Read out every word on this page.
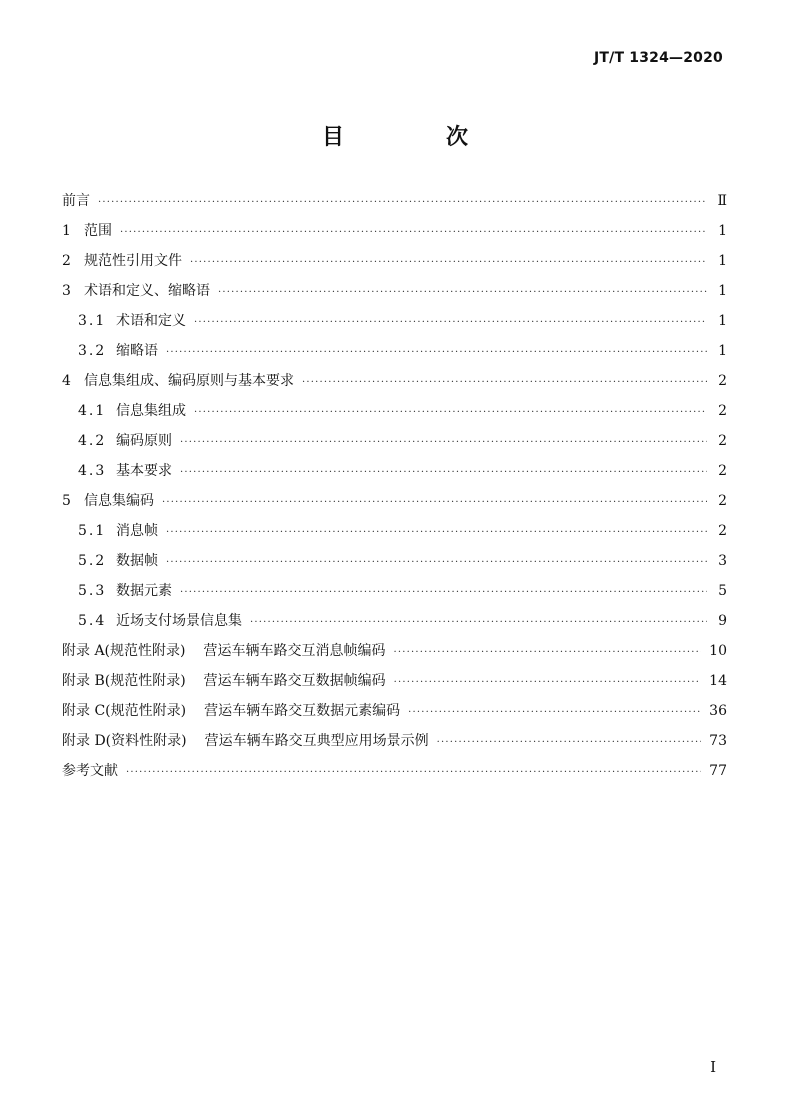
JT/T 1324—2020
目　次
前言 ·····	Ⅱ
1 范围 ·····	1
2 规范性引用文件 ·····	1
3 术语和定义、缩略语 ·····	1
3.1 术语和定义 ·····	1
3.2 缩略语 ·····	1
4 信息集组成、编码原则与基本要求 ·····	2
4.1 信息集组成 ·····	2
4.2 编码原则 ·····	2
4.3 基本要求 ·····	2
5 信息集编码 ·····	2
5.1 消息帧 ·····	2
5.2 数据帧 ·····	3
5.3 数据元素 ·····	5
5.4 近场支付场景信息集 ·····	9
附录 A(规范性附录) 营运车辆车路交互消息帧编码 ·····	10
附录 B(规范性附录) 营运车辆车路交互数据帧编码 ·····	14
附录 C(规范性附录) 营运车辆车路交互数据元素编码 ·····	36
附录 D(资料性附录) 营运车辆车路交互典型应用场景示例 ·····	73
参考文献 ·····	77
I
